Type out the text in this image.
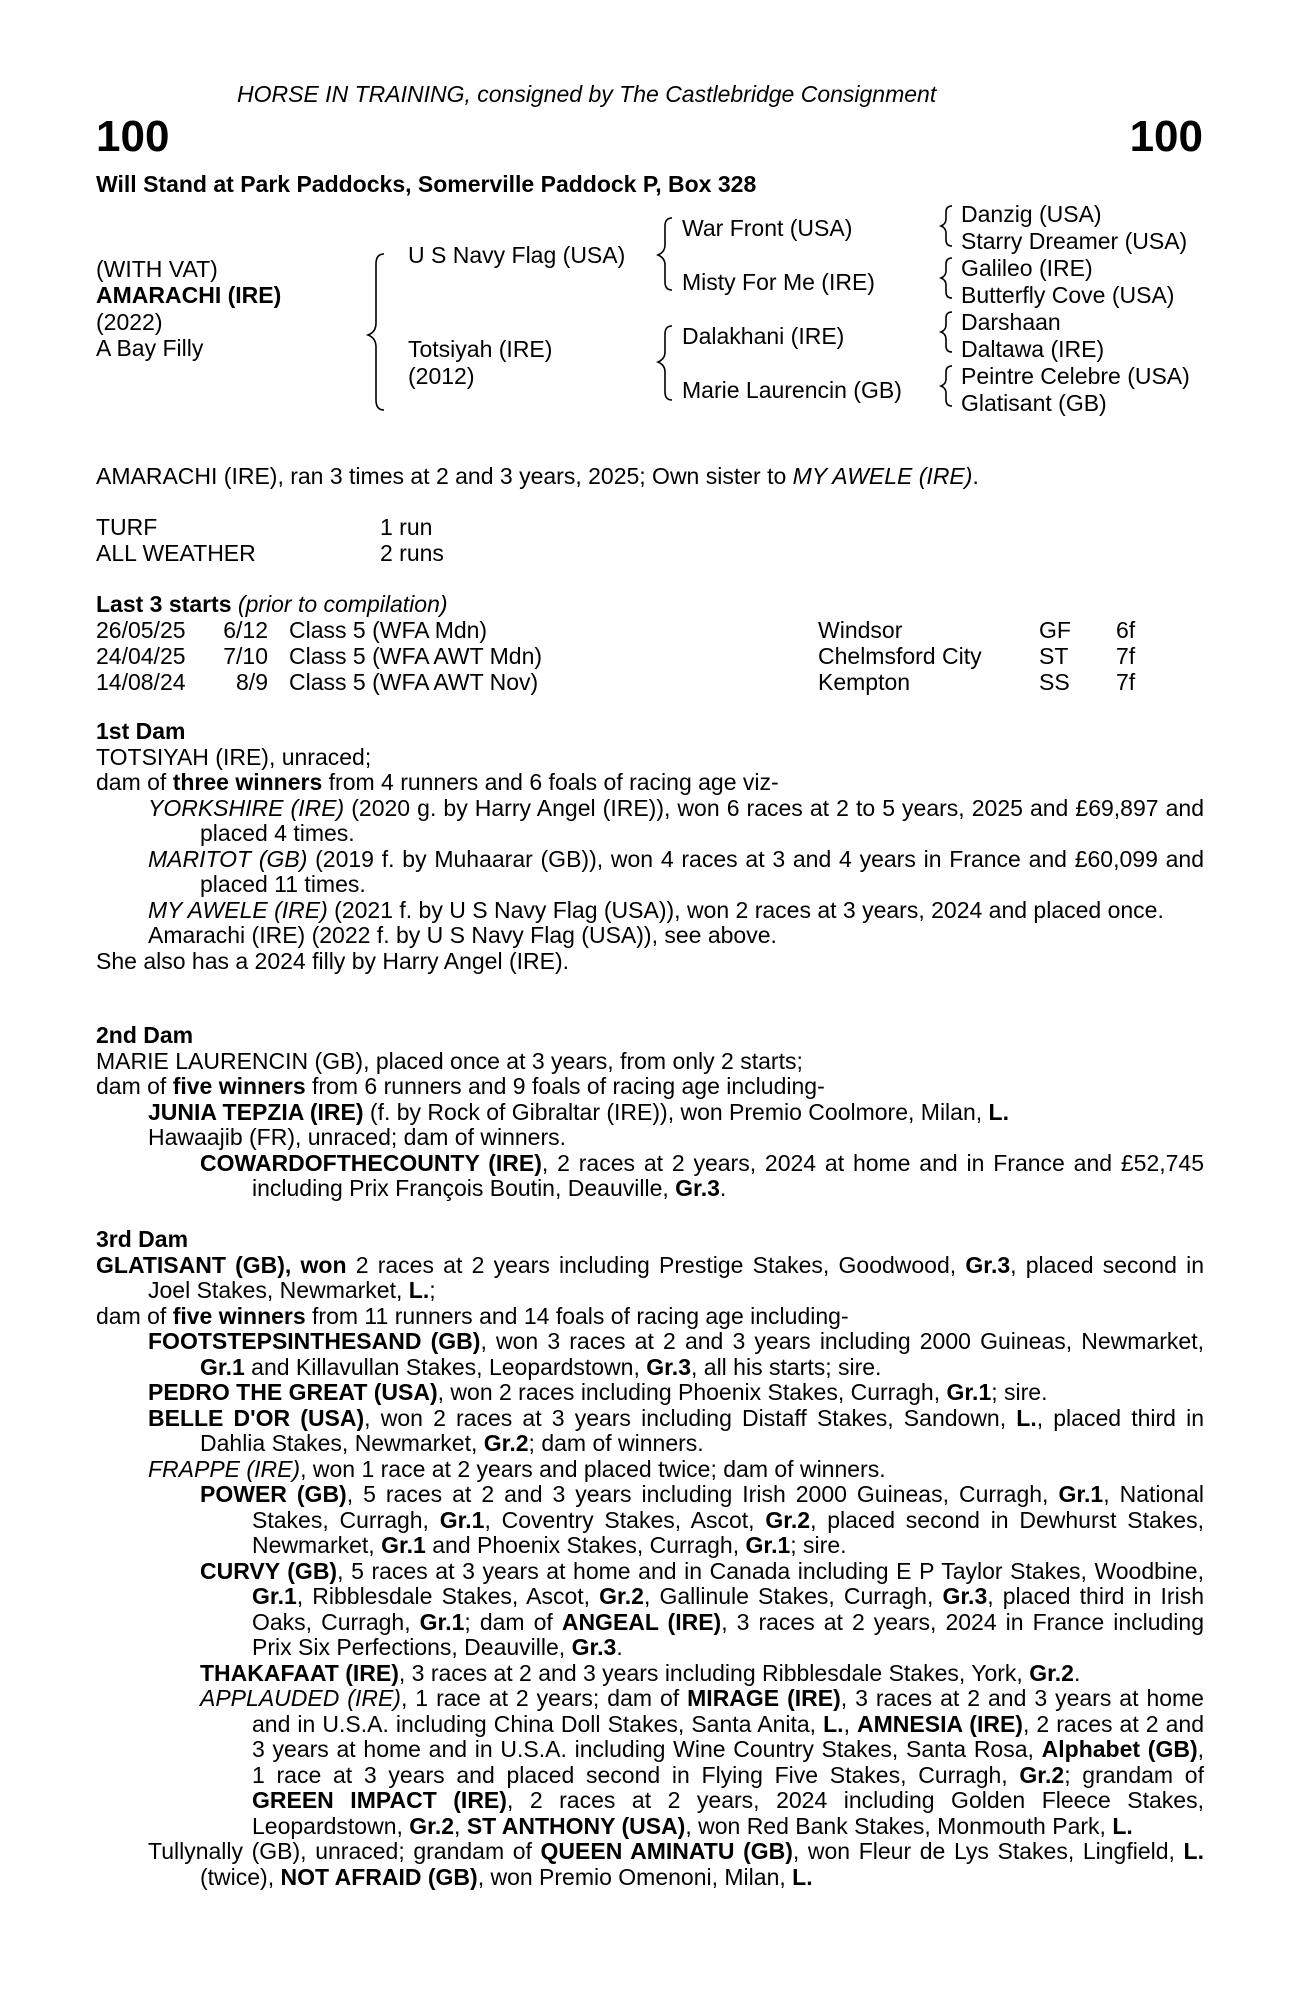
HORSE IN TRAINING, consigned by The Castlebridge Consignment
100	100
Will Stand at Park Paddocks, Somerville Paddock P, Box 328
(WITH VAT)
AMARACHI (IRE)
(2022)
A Bay Filly
U S Navy Flag (USA)
Totsiyah (IRE)
(2012)
War Front (USA)
Misty For Me (IRE)
Dalakhani (IRE)
Marie Laurencin (GB)
Danzig (USA)
Starry Dreamer (USA)
Galileo (IRE)
Butterfly Cove (USA)
Darshaan
Daltawa (IRE)
Peintre Celebre (USA)
Glatisant (GB)
AMARACHI (IRE), ran 3 times at 2 and 3 years, 2025; Own sister to MY AWELE (IRE).
TURF	1 run
ALL WEATHER	2 runs
Last 3 starts (prior to compilation)
26/05/25 6/12 Class 5 (WFA Mdn)	Windsor	GF 6f
24/04/25 7/10 Class 5 (WFA AWT Mdn)	Chelmsford City ST 7f
14/08/24 8/9 Class 5 (WFA AWT Nov)	Kempton	SS 7f

1st Dam

TOTSIYAH (IRE), unraced;

dam of three winners from 4 runners and 6 foals of racing age viz-

YORKSHIRE (IRE) (2020 g. by Harry Angel (IRE)), won 6 races at 2 to 5 years, 2025 and £69,897 and placed 4 times.

MARITOT (GB) (2019 f. by Muhaarar (GB)), won 4 races at 3 and 4 years in France and £60,099 and placed 11 times.

MY AWELE (IRE) (2021 f. by U S Navy Flag (USA)), won 2 races at 3 years, 2024 and placed once.

Amarachi (IRE) (2022 f. by U S Navy Flag (USA)), see above.

She also has a 2024 filly by Harry Angel (IRE).

2nd Dam

MARIE LAURENCIN (GB), placed once at 3 years, from only 2 starts;

dam of five winners from 6 runners and 9 foals of racing age including-

JUNIA TEPZIA (IRE) (f. by Rock of Gibraltar (IRE)), won Premio Coolmore, Milan, L.

Hawaajib (FR), unraced; dam of winners.

COWARDOFTHECOUNTY (IRE), 2 races at 2 years, 2024 at home and in France and £52,745 including Prix François Boutin, Deauville, Gr.3.

3rd Dam

GLATISANT (GB), won 2 races at 2 years including Prestige Stakes, Goodwood, Gr.3, placed second in Joel Stakes, Newmarket, L.;

dam of five winners from 11 runners and 14 foals of racing age including-

FOOTSTEPSINTHESAND (GB), won 3 races at 2 and 3 years including 2000 Guineas, Newmarket, Gr.1 and Killavullan Stakes, Leopardstown, Gr.3, all his starts; sire.

PEDRO THE GREAT (USA), won 2 races including Phoenix Stakes, Curragh, Gr.1; sire.

BELLE D'OR (USA), won 2 races at 3 years including Distaff Stakes, Sandown, L., placed third in Dahlia Stakes, Newmarket, Gr.2; dam of winners.

FRAPPE (IRE), won 1 race at 2 years and placed twice; dam of winners.

POWER (GB), 5 races at 2 and 3 years including Irish 2000 Guineas, Curragh, Gr.1, National Stakes, Curragh, Gr.1, Coventry Stakes, Ascot, Gr.2, placed second in Dewhurst Stakes, Newmarket, Gr.1 and Phoenix Stakes, Curragh, Gr.1; sire.

CURVY (GB), 5 races at 3 years at home and in Canada including E P Taylor Stakes, Woodbine, Gr.1, Ribblesdale Stakes, Ascot, Gr.2, Gallinule Stakes, Curragh, Gr.3, placed third in Irish Oaks, Curragh, Gr.1; dam of ANGEAL (IRE), 3 races at 2 years, 2024 in France including Prix Six Perfections, Deauville, Gr.3.

THAKAFAAT (IRE), 3 races at 2 and 3 years including Ribblesdale Stakes, York, Gr.2.

APPLAUDED (IRE), 1 race at 2 years; dam of MIRAGE (IRE), 3 races at 2 and 3 years at home and in U.S.A. including China Doll Stakes, Santa Anita, L., AMNESIA (IRE), 2 races at 2 and 3 years at home and in U.S.A. including Wine Country Stakes, Santa Rosa, Alphabet (GB), 1 race at 3 years and placed second in Flying Five Stakes, Curragh, Gr.2; grandam of GREEN IMPACT (IRE), 2 races at 2 years, 2024 including Golden Fleece Stakes, Leopardstown, Gr.2, ST ANTHONY (USA), won Red Bank Stakes, Monmouth Park, L.

Tullynally (GB), unraced; grandam of QUEEN AMINATU (GB), won Fleur de Lys Stakes, Lingfield, L. (twice), NOT AFRAID (GB), won Premio Omenoni, Milan, L.
